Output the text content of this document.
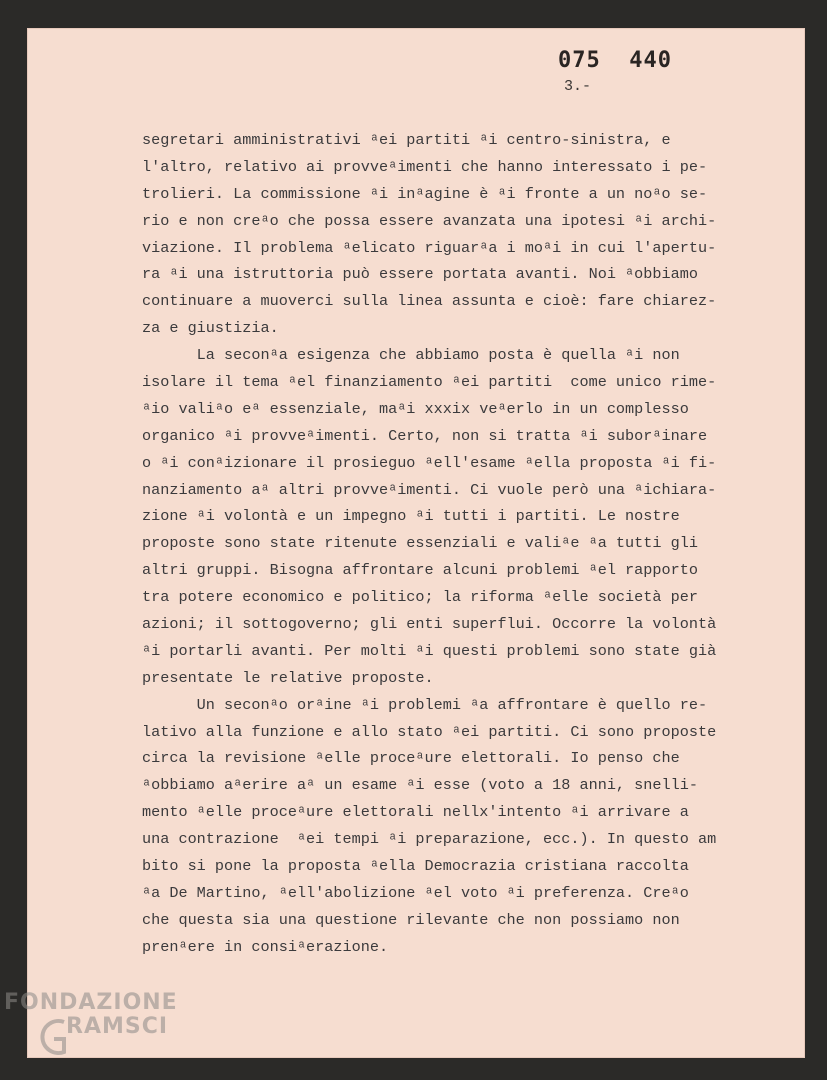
075  440
3.-
segretari amministrativi ᵃei partiti ᵃi centro-sinistra, e
l'altro, relativo ai provveᵃimenti che hanno interessato i pe-
trolieri. La commissione ᵃi inᵃagine è ᵃi fronte a un noᵃo se-
rio e non creᵃo che possa essere avanzata una ipotesi ᵃi archi-
viazione. Il problema ᵃelicato riguarᵃa i moᵃi in cui l'apertu-
ra ᵃi una istruttoria può essere portata avanti. Noi ᵃobbiamo
continuare a muoverci sulla linea assunta e cioè: fare chiarez-
za e giustizia.
La seconᵃa esigenza che abbiamo posta è quella ᵃi non
isolare il tema ᵃel finanziamento ᵃei partiti  come unico rime-
ᵃio valiᵃo eᵃ essenziale, maᵃi xxxix veᵃerlo in un complesso
organico ᵃi provveᵃimenti. Certo, non si tratta ᵃi suborᵃinare
o ᵃi conᵃizionare il prosieguo ᵃell'esame ᵃella proposta ᵃi fi-
nanziamento aᵃ altri provveᵃimenti. Ci vuole però una ᵃichiara-
zione ᵃi volontà e un impegno ᵃi tutti i partiti. Le nostre
proposte sono state ritenute essenziali e valiᵃe ᵃa tutti gli
altri gruppi. Bisogna affrontare alcuni problemi ᵃel rapporto
tra potere economico e politico; la riforma ᵃelle società per
azioni; il sottogoverno; gli enti superflui. Occorre la volontà
ᵃi portarli avanti. Per molti ᵃi questi problemi sono state già
presentate le relative proposte.
Un seconᵃo orᵃine ᵃi problemi ᵃa affrontare è quello re-
lativo alla funzione e allo stato ᵃei partiti. Ci sono proposte
circa la revisione ᵃelle proceᵃure elettorali. Io penso che
ᵃobbiamo aᵃerire aᵃ un esame ᵃi esse (voto a 18 anni, snelli-
mento ᵃelle proceᵃure elettorali nellx'intento ᵃi arrivare a
una contrazione  ᵃei tempi ᵃi preparazione, ecc.). In questo am
bito si pone la proposta ᵃella Democrazia cristiana raccolta
ᵃa De Martino, ᵃell'abolizione ᵃel voto ᵃi preferenza. Creᵃo
che questa sia una questione rilevante che non possiamo non
prenᵃere in consiᵃerazione.
FONDAZIONE
RAMSCI
